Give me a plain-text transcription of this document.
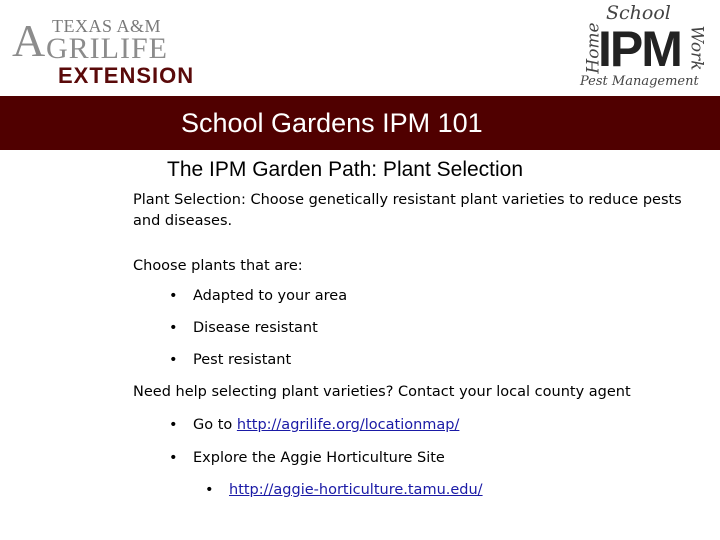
TEXAS A&M
A GRILIFE
EXTENSION
School
Home
IPM Work
Pest Management
School Gardens IPM 101
The IPM Garden Path: Plant Selection
Plant Selection: Choose genetically resistant plant varieties to reduce pests and diseases.
Choose plants that are:
• Adapted to your area
• Disease resistant
• Pest resistant
Need help selecting plant varieties? Contact your local county agent
• Go to http://agrilife.org/locationmap/
• Explore the Aggie Horticulture Site
• http://aggie-horticulture.tamu.edu/
